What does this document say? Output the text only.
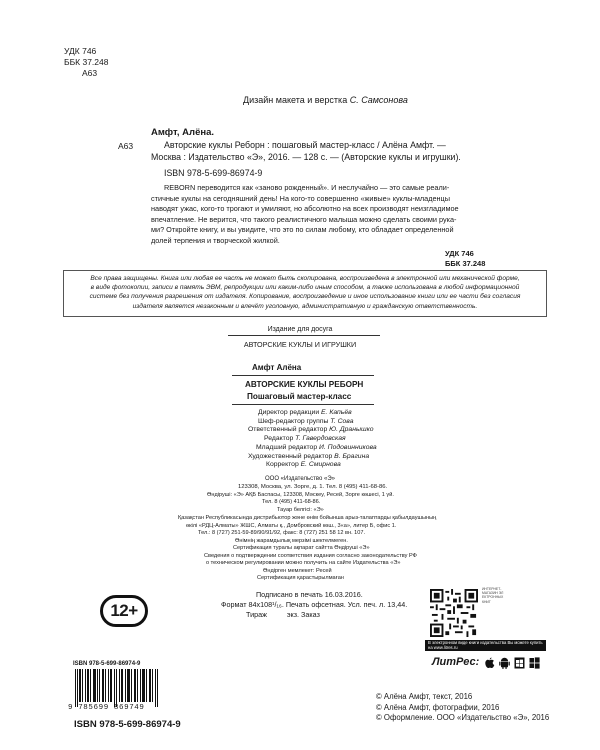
УДК 746
ББК 37.248
А63
Дизайн макета и верстка С. Самсонова
Амфт, Алёна.
А63	Авторские куклы Реборн : пошаговый мастер-класс / Алёна Амфт. —
Москва : Издательство «Э», 2016. — 128 с. — (Авторские куклы и игрушки).
ISBN 978-5-699-86974-9
REBORN переводится как «заново рожденный». И неслучайно — это самые реали-
стичные куклы на сегодняшний день! На кого-то совершенно «живые» куклы-младенцы
наводят ужас, кого-то трогают и умиляют, но абсолютно на всех производят неизгладимое
впечатление. Не верится, что такого реалистичного малыша можно сделать своими рука-
ми? Откройте книгу, и вы увидите, что это по силам любому, кто обладает определенной
долей терпения и творческой жилкой.
УДК 746
ББК 37.248
Все права защищены. Книга или любая ее часть не может быть скопирована, воспроизведена в электронной или механической форме,
в виде фотокопии, записи в память ЭВМ, репродукции или каким-либо иным способом, а также использована в любой информационной
системе без получения разрешения от издателя. Копирование, воспроизведение и иное использование книги или ее части без согласия
издателя является незаконным и влечёт уголовную, административную и гражданскую ответственность.
Издание для досуга
АВТОРСКИЕ КУКЛЫ И ИГРУШКИ
Амфт Алёна
АВТОРСКИЕ КУКЛЫ РЕБОРН
Пошаговый мастер-класс
Директор редакции Е. Капьёв
Шеф-редактор группы Т. Сова
Ответственный редактор Ю. Дранышко
Редактор Т. Гавердовская
Младший редактор И. Подовинникова
Художественный редактор В. Брагина
Корректор Е. Смирнова
ООО «Издательство «Э»
123308, Москва, ул. Зорге, д. 1. Тел. 8 (495) 411-68-86.
Өндіруші: «Э» АҚБ Баспасы, 123308, Мәскеу, Ресей, Зорге көшесі, 1 үй.
Тел. 8 (495) 411-68-86.
Тауар белгісі: «Э»
Қазақстан Республикасында дистрибьютор және өнім бойынша арыз-талаптарды қабылдаушының
өкілі «РДЦ-Алматы» ЖШС, Алматы қ., Домбровский көш., 3«а», литер Б, офис 1.
Тел.: 8 (727) 251-59-89/90/91/92, факс: 8 (727) 251 58 12 вн. 107.
Өнімнің жарамдылық мерзімі шектелмеген.
Сертификация туралы ақпарат сайтта Өндіруші «Э»
Сведения о подтверждении соответствия издания согласно законодательству РФ
о техническом регулировании можно получить на сайте Издательства «Э»
Өндірген мемлекет: Ресей
Сертификация қарастырылмаған
Подписано в печать 16.03.2016.
Формат 84x108¹/₁₆. Печать офсетная. Усл. печ. л. 13,44.
Тираж          экз. Заказ
12+
ИНТЕРНЕТ-МАГАЗИН ЭЛЕКТРОННЫХ КНИГ
В электронном виде книги издательства Вы можете купить на www.litres.ru
ЛитРес:
ISBN 978-5-699-86974-9
9 785699 869749
ISBN 978-5-699-86974-9
© Алёна Амфт, текст, 2016
© Алёна Амфт, фотографии, 2016
© Оформление. ООО «Издательство «Э», 2016
